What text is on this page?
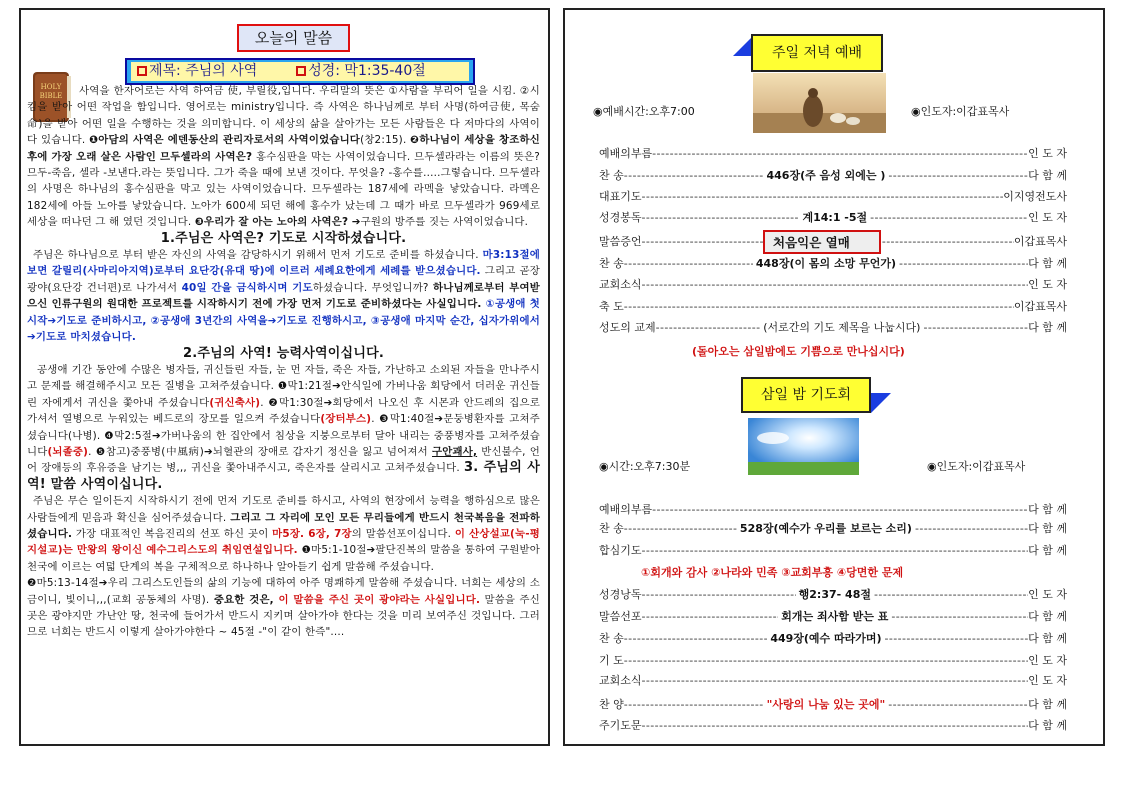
오늘의 말씀
제목: 주님의 사역	성경: 막1:35-40절
HOLY
BIBLE	사역을 한자어로는 사역 하여금 使, 부릴役,입니다. 우리말의 뜻은 ①사람을 부리어 일을 시킴. ②시킴을 받아 어떤 작업을 함입니다. 영어로는 ministry입니다. 즉 사역은 하나님께로 부터 사명(하여금使, 목숨命)을 받아 어떤 일을 수행하는 것을 의미합니다. 이 세상의 삶을 살아가는 모든 사람들은 다 저마다의 사역이 다 있습니다. ❶아담의 사역은 에덴동산의 관리자로서의 사역이었습니다(창2:15). ❷하나님이 세상을 창조하신 후에 가장 오래 살은 사람인 므두셀라의 사역은? 홍수심판을 막는 사역이었습니다. 므두셀라라는 이름의 뜻은? 므두-죽음, 셀라 -보낸다.라는 뜻입니다. 그가 죽을 때에 보낸 것이다. 무엇을? -홍수를.....그렇습니다. 므두셀라의 사명은 하나님의 홍수심판을 막고 있는 사역이었습니다. 므두셀라는 187세에 라멕을 낳았습니다. 라멕은 182세에 아들 노아를 낳았습니다. 노아가 600세 되던 해에 홍수가 났는데 그 때가 바로 므두셀라가 969세로 세상을 떠나던 그 해 였던 것입니다. ❸우리가 잘 아는 노아의 사역은? ➔구원의 방주를 짓는 사역이었습니다.

1.주님은 사역은? 기도로 시작하셨습니다.

주님은 하나님으로 부터 받은 자신의 사역을 감당하시기 위해서 먼저 기도로 준비를 하셨습니다. 마3:13절에 보면 갈릴리(사마리아지역)로부터 요단강(유대 땅)에 이르러 세례요한에게 세례를 받으셨습니다. 그리고 곧장 광야(요단강 건너편)로 나가셔서 40일 간을 금식하시며 기도하셨습니다. 무엇입니까? 하나님께로부터 부여받으신 인류구원의 원대한 프로젝트를 시작하시기 전에 가장 먼저 기도로 준비하셨다는 사실입니다. ①공생애 첫 시작➔기도로 준비하시고, ②공생애 3년간의 사역을➔기도로 진행하시고, ③공생애 마지막 순간, 십자가위에서➔기도로 마치셨습니다.

2.주님의 사역! 능력사역이십니다.

공생애 기간 동안에 수많은 병자들, 귀신들린 자들, 눈 먼 자들, 죽은 자들, 가난하고 소외된 자들을 만나주시고 문제를 해결해주시고 모든 질병을 고쳐주셨습니다. ❶막1:21절➔안식일에 가버나움 회당에서 더러운 귀신들린 자에게서 귀신을 쫓아내 주셨습니다(귀신축사). ❷막1:30절➔회당에서 나오신 후 시몬과 안드레의 집으로 가셔서 열병으로 누워있는 베드로의 장모를 일으켜 주셨습니다(장터부스). ❸막1:40절➔문둥병환자를 고쳐주셨습니다(나병). ❹막2:5절➔가버나움의 한 집안에서 침상을 지붕으로부터 달아 내리는 중풍병자를 고쳐주셨습니다(뇌졸중). ❺참고)중풍병(中風病)➔뇌혈관의 장애로 갑자기 정신을 잃고 넘어져서 구안괘사, 반신불수, 언어 장애등의 후유증을 남기는 병,,, 귀신을 쫓아내주시고, 죽은자를 살리시고 고쳐주셨습니다. 3. 주님의 사역! 말씀 사역이십니다.

주님은 무슨 일이든지 시작하시기 전에 먼저 기도로 준비를 하시고, 사역의 현장에서 능력을 행하심으로 많은 사람들에게 믿음과 확신을 심어주셨습니다. 그리고 그 자리에 모인 모든 무리들에게 반드시 천국복음을 전파하셨습니다. 가장 대표적인 복음진리의 선포 하신 곳이 마5장. 6장, 7장의 말씀선포이십니다. 이 산상설교(눅-평지설교)는 만왕의 왕이신 예수그리스도의 취임연설입니다. ❶마5:1-10절➔팔단진복의 말씀을 통하여 구원받아 천국에 이르는 여덟 단계의 복을 구체적으로 하나하나 알아듣기 쉽게 말씀해 주셨습니다.

❷마5:13-14절➔우리 그리스도인들의 삶의 기능에 대하여 아주 명쾌하게 말씀해 주셨습니다. 너희는 세상의 소금이니, 빛이니,,,(교회 공동체의 사명). 중요한 것은, 이 말씀을 주신 곳이 광야라는 사실입니다. 말씀을 주신 곳은 광야지만 가난안 땅, 천국에 들어가서 반드시 지키며 살아가야 한다는 것을 미리 보여주신 것입니다. 그러므로 너희는 반드시 이렇게 살아가야한다 ~ 45절 -"이 같이 한즉"....

주일 저녁 예배
◉예배시간:오후7:00	◉인도자:이갑표목사
예배의부름 -----	인 도 자
찬 송 -----	446장(주 음성 외에는 ) -----	다 함 께
대표기도 -----	이지영전도사
성경봉독 -----	계14:1 -5절 -----	인 도 자
말씀증언 -----	이갑표목사
찬 송 -----	448장(이 몸의 소망 무언가) -----	다 함 께
교회소식 -----	인 도 자
축 도 -----	이갑표목사
성도의 교제 -----	(서로간의 기도 제목을 나눕시다) -----	다 함 께
처음익은 열매
(돌아오는 삼일밤에도 기쁨으로 만나십시다)
삼일 밤 기도회
◉시간:오후7:30분	◉인도자:이갑표목사
예배의부름 -----	다 함 께
찬 송 -----	528장(예수가 우리를 보르는 소리) -----	다 함 께
합심기도 -----	다 함 께
성경낭독 -----	행2:37- 48절 -----	인 도 자
말씀선포 -----	회개는 죄사함 받는 표 -----	다 함 께
찬 송 -----	449장(예수 따라가며) -----	다 함 께
기 도 -----	인 도 자
교회소식 -----	인 도 자
찬 양 -----	"사랑의 나눔 있는 곳에" -----	다 함 께
주기도문 -----	다 함 께
①회개와 감사 ②나라와 민족 ③교회부흥 ④당면한 문제
